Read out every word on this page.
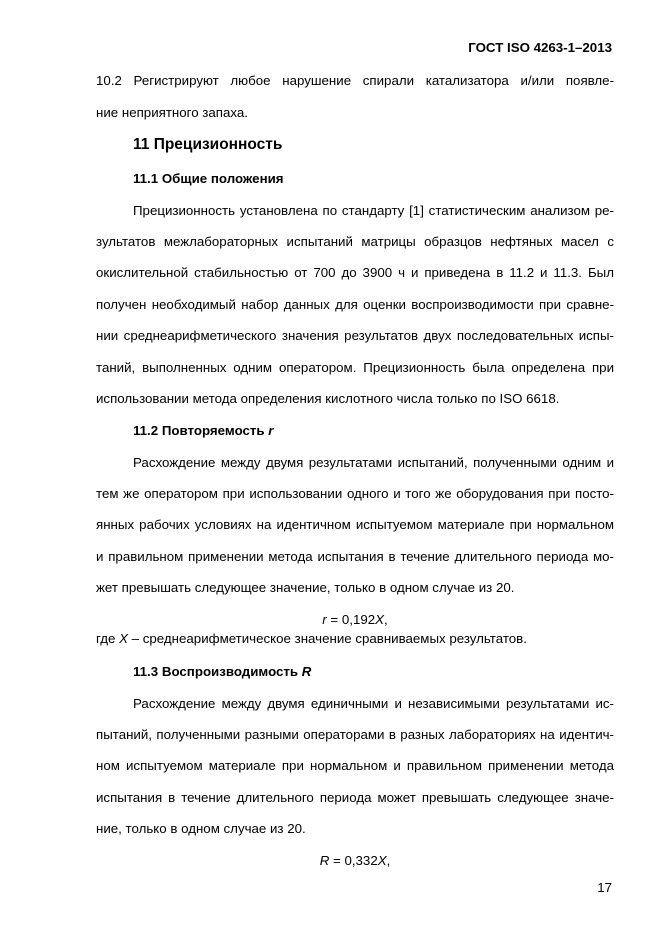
ГОСТ ISO 4263-1–2013
10.2 Регистрируют любое нарушение спирали катализатора и/или появле-
ние неприятного запаха.
11 Прецизионность
11.1 Общие положения
Прецизионность установлена по стандарту [1] статистическим анализом ре-
зультатов межлабораторных испытаний матрицы образцов нефтяных масел с
окислительной стабильностью от 700 до 3900 ч и приведена в 11.2 и 11.3. Был
получен необходимый набор данных для оценки воспроизводимости при сравне-
нии среднеарифметического значения результатов двух последовательных испы-
таний, выполненных одним оператором. Прецизионность была определена при
использовании метода определения кислотного числа только по ISO 6618.
11.2 Повторяемость r
Расхождение между двумя результатами испытаний, полученными одним и
тем же оператором при использовании одного и того же оборудования при посто-
янных рабочих условиях на идентичном испытуемом материале при нормальном
и правильном применении метода испытания в течение длительного периода мо-
жет превышать следующее значение, только в одном случае из 20.
r = 0,192X,
где X – среднеарифметическое значение сравниваемых результатов.
11.3 Воспроизводимость R
Расхождение между двумя единичными и независимыми результатами ис-
пытаний, полученными разными операторами в разных лабораториях на идентич-
ном испытуемом материале при нормальном и правильном применении метода
испытания в течение длительного периода может превышать следующее значе-
ние, только в одном случае из 20.
R = 0,332X,
17
